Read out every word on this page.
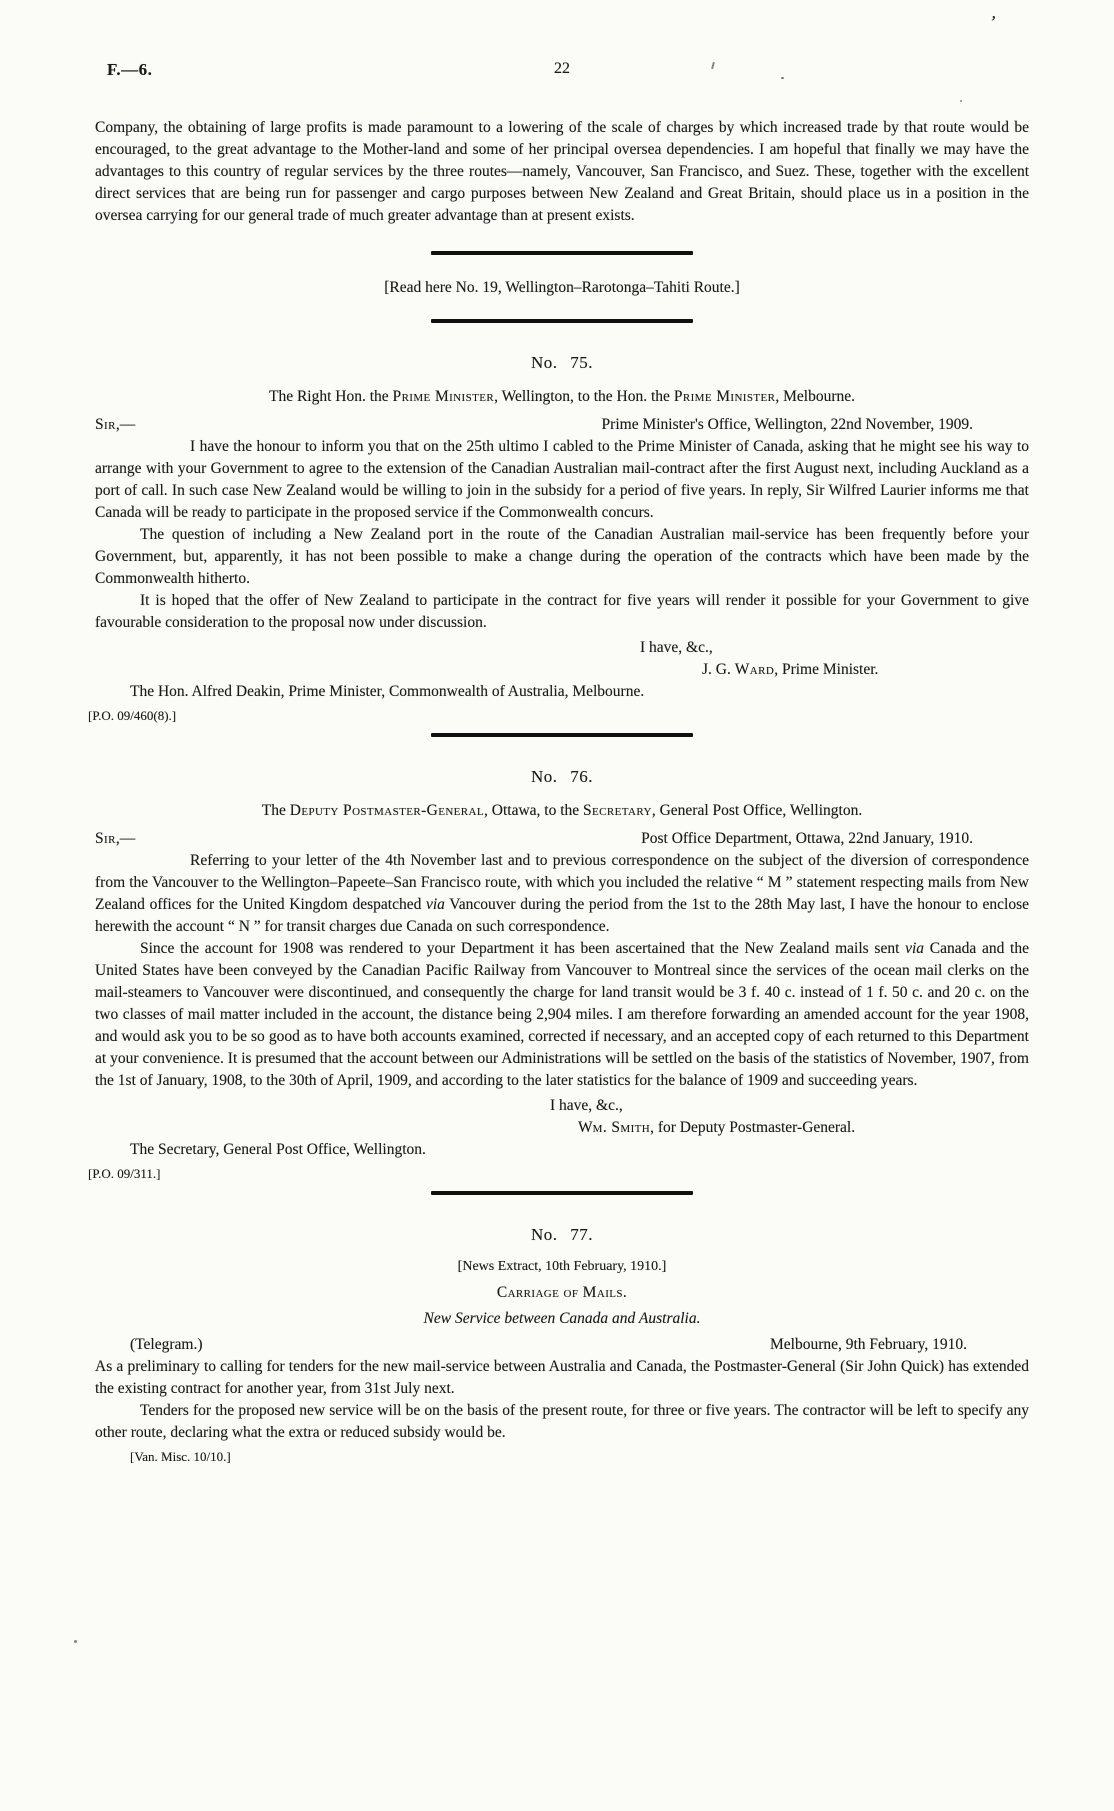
’
F.—6.	22

Company, the obtaining of large profits is made paramount to a lowering of the scale of charges by which increased trade by that route would be encouraged, to the great advantage to the Mother-land and some of her principal oversea dependencies. I am hopeful that finally we may have the advantages to this country of regular services by the three routes—namely, Vancouver, San Francisco, and Suez. These, together with the excellent direct services that are being run for passenger and cargo purposes between New Zealand and Great Britain, should place us in a position in the oversea carrying for our general trade of much greater advantage than at present exists.

[Read here No. 19, Wellington–Rarotonga–Tahiti Route.]

No. 75.

The Right Hon. the Prime Minister, Wellington, to the Hon. the Prime Minister, Melbourne.

Sir,—	Prime Minister's Office, Wellington, 22nd November, 1909.

I have the honour to inform you that on the 25th ultimo I cabled to the Prime Minister of Canada, asking that he might see his way to arrange with your Government to agree to the extension of the Canadian Australian mail-contract after the first August next, including Auckland as a port of call. In such case New Zealand would be willing to join in the subsidy for a period of five years. In reply, Sir Wilfred Laurier informs me that Canada will be ready to participate in the proposed service if the Commonwealth concurs.

The question of including a New Zealand port in the route of the Canadian Australian mail-service has been frequently before your Government, but, apparently, it has not been possible to make a change during the operation of the contracts which have been made by the Commonwealth hitherto.

It is hoped that the offer of New Zealand to participate in the contract for five years will render it possible for your Government to give favourable consideration to the proposal now under discussion.

I have, &c.,

J. G. Ward, Prime Minister.

The Hon. Alfred Deakin, Prime Minister, Commonwealth of Australia, Melbourne.

[P.O. 09/460(8).]

No. 76.

The Deputy Postmaster-General, Ottawa, to the Secretary, General Post Office, Wellington.

Sir,—	Post Office Department, Ottawa, 22nd January, 1910.

Referring to your letter of the 4th November last and to previous correspondence on the subject of the diversion of correspondence from the Vancouver to the Wellington–Papeete–San Francisco route, with which you included the relative “ M ” statement respecting mails from New Zealand offices for the United Kingdom despatched via Vancouver during the period from the 1st to the 28th May last, I have the honour to enclose herewith the account “ N ” for transit charges due Canada on such correspondence.

Since the account for 1908 was rendered to your Department it has been ascertained that the New Zealand mails sent via Canada and the United States have been conveyed by the Canadian Pacific Railway from Vancouver to Montreal since the services of the ocean mail clerks on the mail-steamers to Vancouver were discontinued, and consequently the charge for land transit would be 3 f. 40 c. instead of 1 f. 50 c. and 20 c. on the two classes of mail matter included in the account, the distance being 2,904 miles. I am therefore forwarding an amended account for the year 1908, and would ask you to be so good as to have both accounts examined, corrected if necessary, and an accepted copy of each returned to this Department at your convenience. It is presumed that the account between our Administrations will be settled on the basis of the statistics of November, 1907, from the 1st of January, 1908, to the 30th of April, 1909, and according to the later statistics for the balance of 1909 and succeeding years.

I have, &c.,

Wm. Smith, for Deputy Postmaster-General.

The Secretary, General Post Office, Wellington.

[P.O. 09/311.]

No. 77.

[News Extract, 10th February, 1910.]

Carriage of Mails.

New Service between Canada and Australia.

(Telegram.)	Melbourne, 9th February, 1910.

As a preliminary to calling for tenders for the new mail-service between Australia and Canada, the Postmaster-General (Sir John Quick) has extended the existing contract for another year, from 31st July next.

Tenders for the proposed new service will be on the basis of the present route, for three or five years. The contractor will be left to specify any other route, declaring what the extra or reduced subsidy would be.

[Van. Misc. 10/10.]
